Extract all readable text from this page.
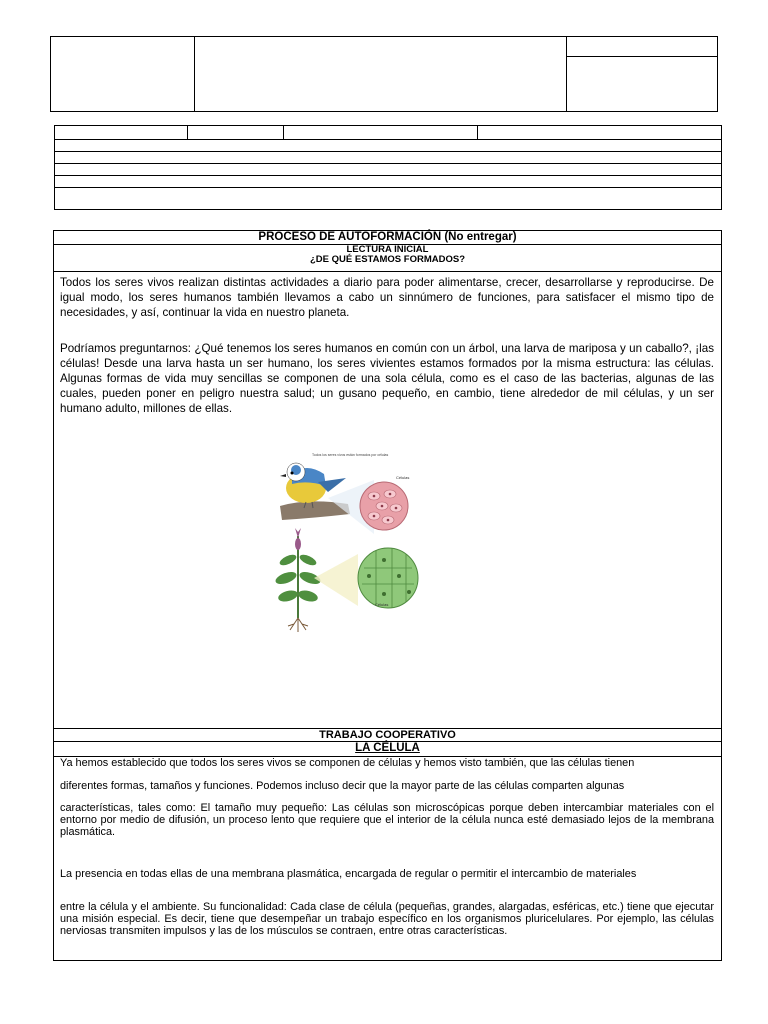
PROCESO DE AUTOFORMACIÓN (No entregar)
LECTURA INICIAL
¿DE QUÉ ESTAMOS FORMADOS?
Todos los seres vivos realizan distintas actividades a diario para poder alimentarse, crecer, desarrollarse y reproducirse. De igual modo, los seres humanos también llevamos a cabo un sinnúmero de funciones, para satisfacer el mismo tipo de necesidades, y así, continuar la vida en nuestro planeta.
Podríamos preguntarnos: ¿Qué tenemos los seres humanos en común con un árbol, una larva de mariposa y un caballo?, ¡las células! Desde una larva hasta un ser humano, los seres vivientes estamos formados por la misma estructura: las células. Algunas formas de vida muy sencillas se componen de una sola célula, como es el caso de las bacterias, algunas de las cuales, pueden poner en peligro nuestra salud; un gusano pequeño, en cambio, tiene alrededor de mil células, y un ser humano adulto, millones de ellas.
Todos los seres vivos están formados por células
Células
Células
TRABAJO COOPERATIVO
LA CÉLULA
Ya hemos establecido que todos los seres vivos se componen de células y hemos visto también, que las células tienen
diferentes formas, tamaños y funciones. Podemos incluso decir que la mayor parte de las células comparten algunas
características, tales como: El tamaño muy pequeño: Las células son microscópicas porque deben intercambiar materiales con el entorno por medio de difusión, un proceso lento que requiere que el interior de la célula nunca esté demasiado lejos de la membrana plasmática.
La presencia en todas ellas de una membrana plasmática, encargada de regular o permitir el intercambio de materiales
entre la célula y el ambiente. Su funcionalidad: Cada clase de célula (pequeñas, grandes, alargadas, esféricas, etc.) tiene que ejecutar una misión especial. Es decir, tiene que desempeñar un trabajo específico en los organismos pluricelulares. Por ejemplo, las células nerviosas transmiten impulsos y las de los músculos se contraen, entre otras características.
